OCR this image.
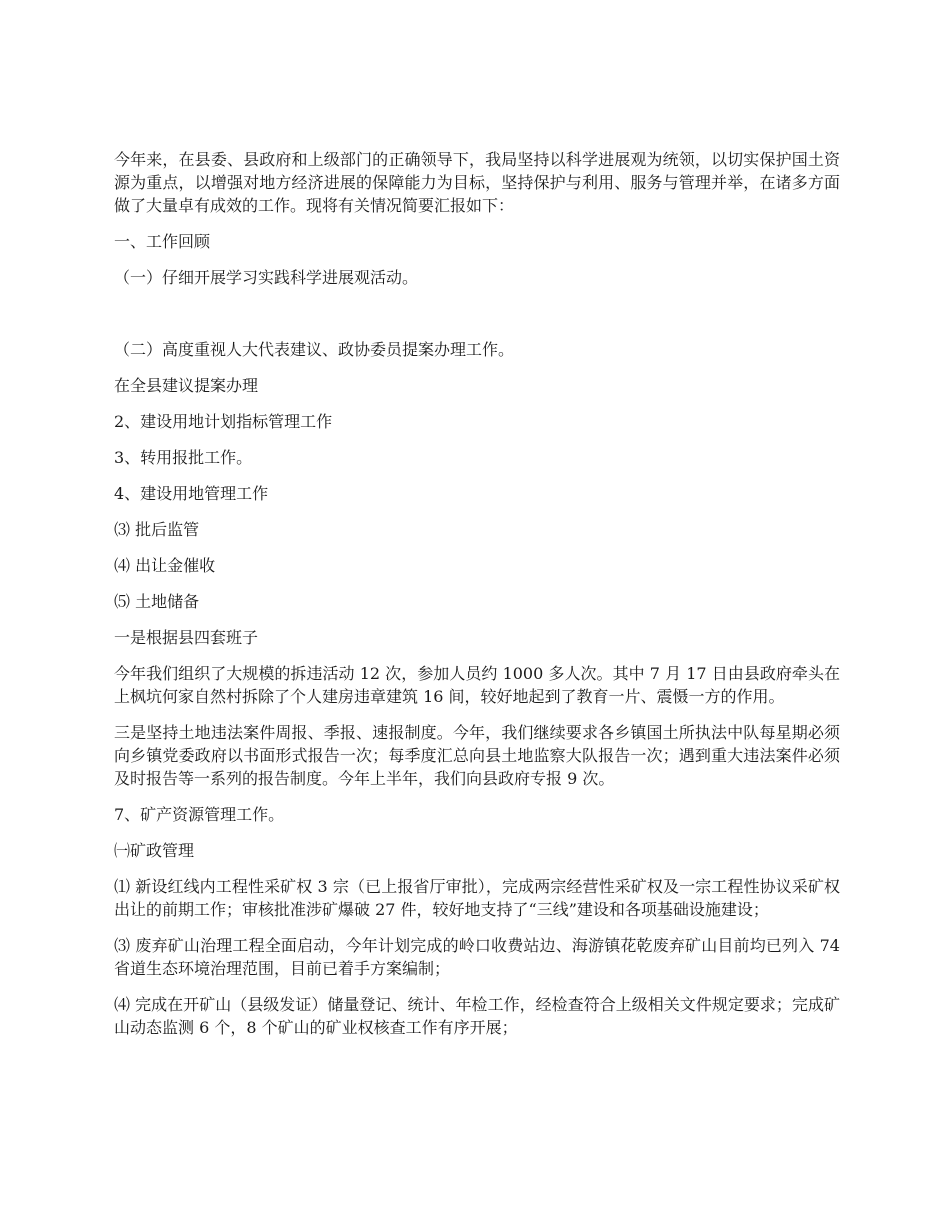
今年来，在县委、县政府和上级部门的正确领导下，我局坚持以科学进展观为统领，以切实保护国土资源为重点，以增强对地方经济进展的保障能力为目标，坚持保护与利用、服务与管理并举，在诸多方面做了大量卓有成效的工作。现将有关情况简要汇报如下：

一、工作回顾

（一）仔细开展学习实践科学进展观活动。

（二）高度重视人大代表建议、政协委员提案办理工作。

在全县建议提案办理

2、建设用地计划指标管理工作

3、转用报批工作。

4、建设用地管理工作

⑶ 批后监管

⑷ 出让金催收

⑸ 土地储备

一是根据县四套班子

今年我们组织了大规模的拆违活动 12 次，参加人员约 1000 多人次。其中 7 月 17 日由县政府牵头在上枫坑何家自然村拆除了个人建房违章建筑 16 间，较好地起到了教育一片、震慑一方的作用。

三是坚持土地违法案件周报、季报、速报制度。今年，我们继续要求各乡镇国土所执法中队每星期必须向乡镇党委政府以书面形式报告一次；每季度汇总向县土地监察大队报告一次；遇到重大违法案件必须及时报告等一系列的报告制度。今年上半年，我们向县政府专报 9 次。

7、矿产资源管理工作。

㈠矿政管理

⑴ 新设红线内工程性采矿权 3 宗（已上报省厅审批），完成两宗经营性采矿权及一宗工程性协议采矿权出让的前期工作；审核批准涉矿爆破 27 件，较好地支持了“三线”建设和各项基础设施建设；

⑶ 废弃矿山治理工程全面启动，今年计划完成的岭口收费站边、海游镇花乾废弃矿山目前均已列入 74 省道生态环境治理范围，目前已着手方案编制；

⑷ 完成在开矿山（县级发证）储量登记、统计、年检工作，经检查符合上级相关文件规定要求；完成矿山动态监测 6 个，8 个矿山的矿业权核查工作有序开展；
